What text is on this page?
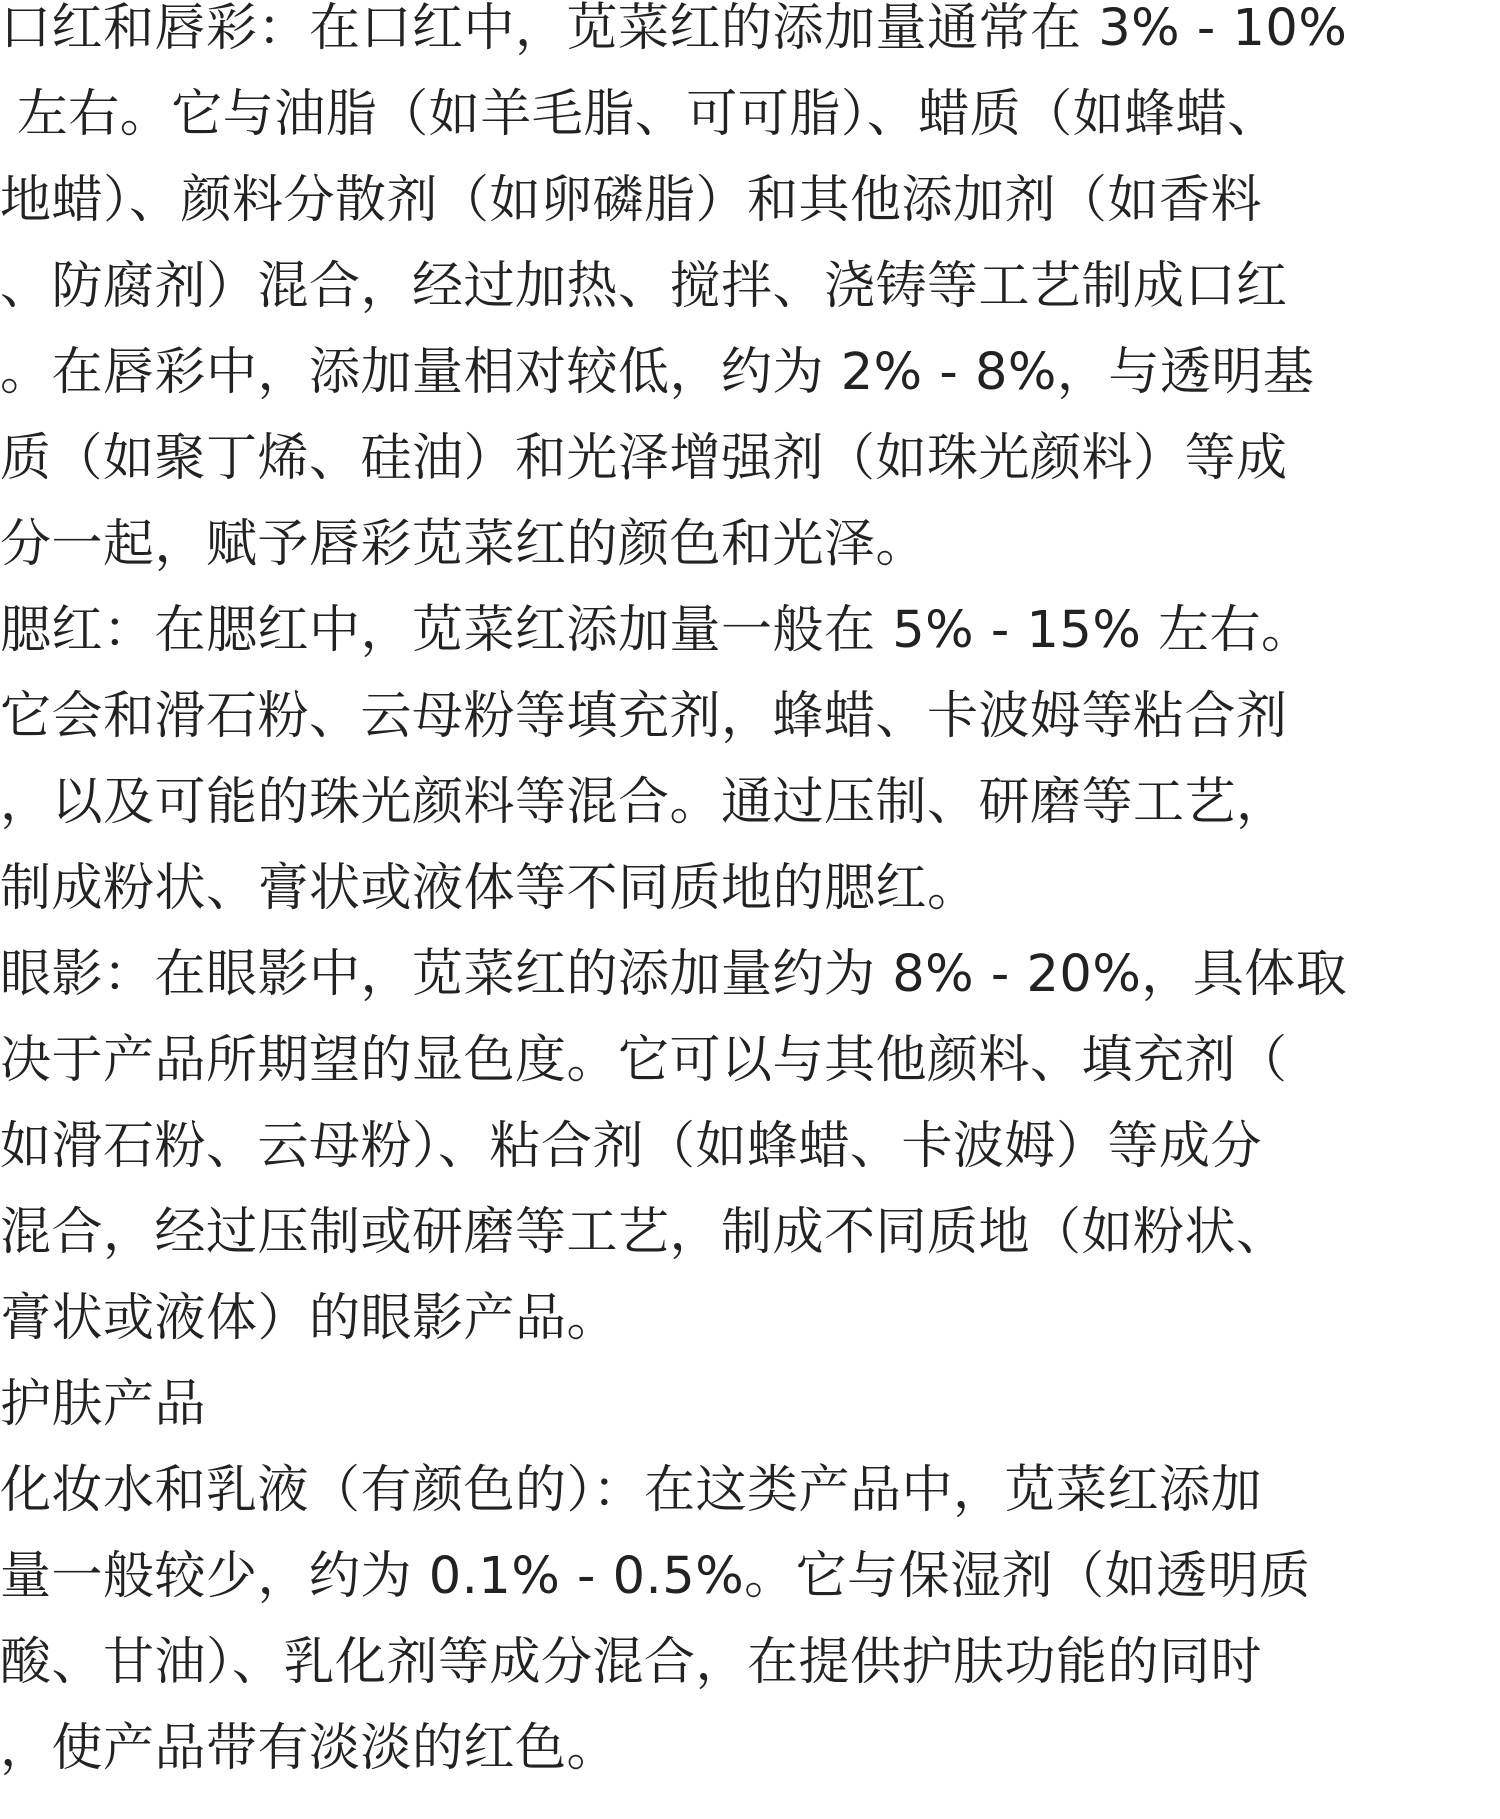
口红和唇彩：在口红中，苋菜红的添加量通常在 3% - 10%
左右。它与油脂（如羊毛脂、可可脂）、蜡质（如蜂蜡、
地蜡）、颜料分散剂（如卵磷脂）和其他添加剂（如香料
、防腐剂）混合，经过加热、搅拌、浇铸等工艺制成口红
。在唇彩中，添加量相对较低，约为 2% - 8%，与透明基
质（如聚丁烯、硅油）和光泽增强剂（如珠光颜料）等成
分一起，赋予唇彩苋菜红的颜色和光泽。
腮红：在腮红中，苋菜红添加量一般在 5% - 15% 左右。
它会和滑石粉、云母粉等填充剂，蜂蜡、卡波姆等粘合剂
，以及可能的珠光颜料等混合。通过压制、研磨等工艺，
制成粉状、膏状或液体等不同质地的腮红。
眼影：在眼影中，苋菜红的添加量约为 8% - 20%，具体取
决于产品所期望的显色度。它可以与其他颜料、填充剂（
如滑石粉、云母粉）、粘合剂（如蜂蜡、卡波姆）等成分
混合，经过压制或研磨等工艺，制成不同质地（如粉状、
膏状或液体）的眼影产品。
护肤产品
化妆水和乳液（有颜色的）：在这类产品中，苋菜红添加
量一般较少，约为 0.1% - 0.5%。它与保湿剂（如透明质
酸、甘油）、乳化剂等成分混合，在提供护肤功能的同时
，使产品带有淡淡的红色。
